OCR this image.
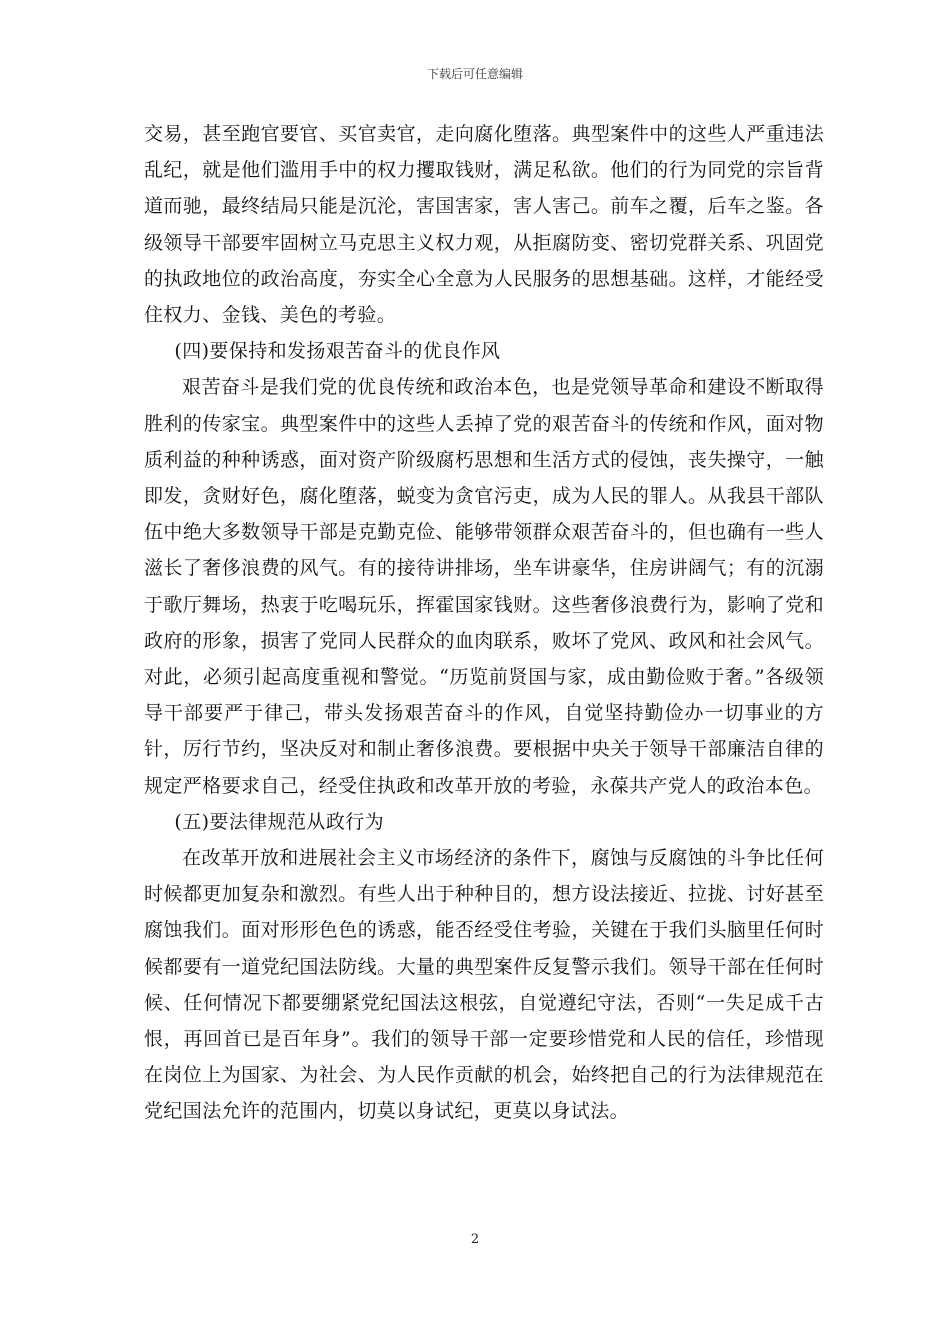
下载后可任意编辑

交易，甚至跑官要官、买官卖官，走向腐化堕落。典型案件中的这些人严重违法乱纪，就是他们滥用手中的权力攫取钱财，满足私欲。他们的行为同党的宗旨背道而驰，最终结局只能是沉沦，害国害家，害人害己。前车之覆，后车之鉴。各级领导干部要牢固树立马克思主义权力观，从拒腐防变、密切党群关系、巩固党的执政地位的政治高度，夯实全心全意为人民服务的思想基础。这样，才能经受住权力、金钱、美色的考验。

(四)要保持和发扬艰苦奋斗的优良作风

艰苦奋斗是我们党的优良传统和政治本色，也是党领导革命和建设不断取得胜利的传家宝。典型案件中的这些人丢掉了党的艰苦奋斗的传统和作风，面对物质利益的种种诱惑，面对资产阶级腐朽思想和生活方式的侵蚀，丧失操守，一触即发，贪财好色，腐化堕落，蜕变为贪官污吏，成为人民的罪人。从我县干部队伍中绝大多数领导干部是克勤克俭、能够带领群众艰苦奋斗的，但也确有一些人滋长了奢侈浪费的风气。有的接待讲排场，坐车讲豪华，住房讲阔气；有的沉溺于歌厅舞场，热衷于吃喝玩乐，挥霍国家钱财。这些奢侈浪费行为，影响了党和政府的形象，损害了党同人民群众的血肉联系，败坏了党风、政风和社会风气。对此，必须引起高度重视和警觉。“历览前贤国与家，成由勤俭败于奢。”各级领导干部要严于律己，带头发扬艰苦奋斗的作风，自觉坚持勤俭办一切事业的方针，厉行节约，坚决反对和制止奢侈浪费。要根据中央关于领导干部廉洁自律的规定严格要求自己，经受住执政和改革开放的考验，永葆共产党人的政治本色。

(五)要法律规范从政行为

在改革开放和进展社会主义市场经济的条件下，腐蚀与反腐蚀的斗争比任何时候都更加复杂和激烈。有些人出于种种目的，想方设法接近、拉拢、讨好甚至腐蚀我们。面对形形色色的诱惑，能否经受住考验，关键在于我们头脑里任何时候都要有一道党纪国法防线。大量的典型案件反复警示我们。领导干部在任何时候、任何情况下都要绷紧党纪国法这根弦，自觉遵纪守法，否则“一失足成千古恨，再回首已是百年身”。我们的领导干部一定要珍惜党和人民的信任，珍惜现在岗位上为国家、为社会、为人民作贡献的机会，始终把自己的行为法律规范在党纪国法允许的范围内，切莫以身试纪，更莫以身试法。

2
